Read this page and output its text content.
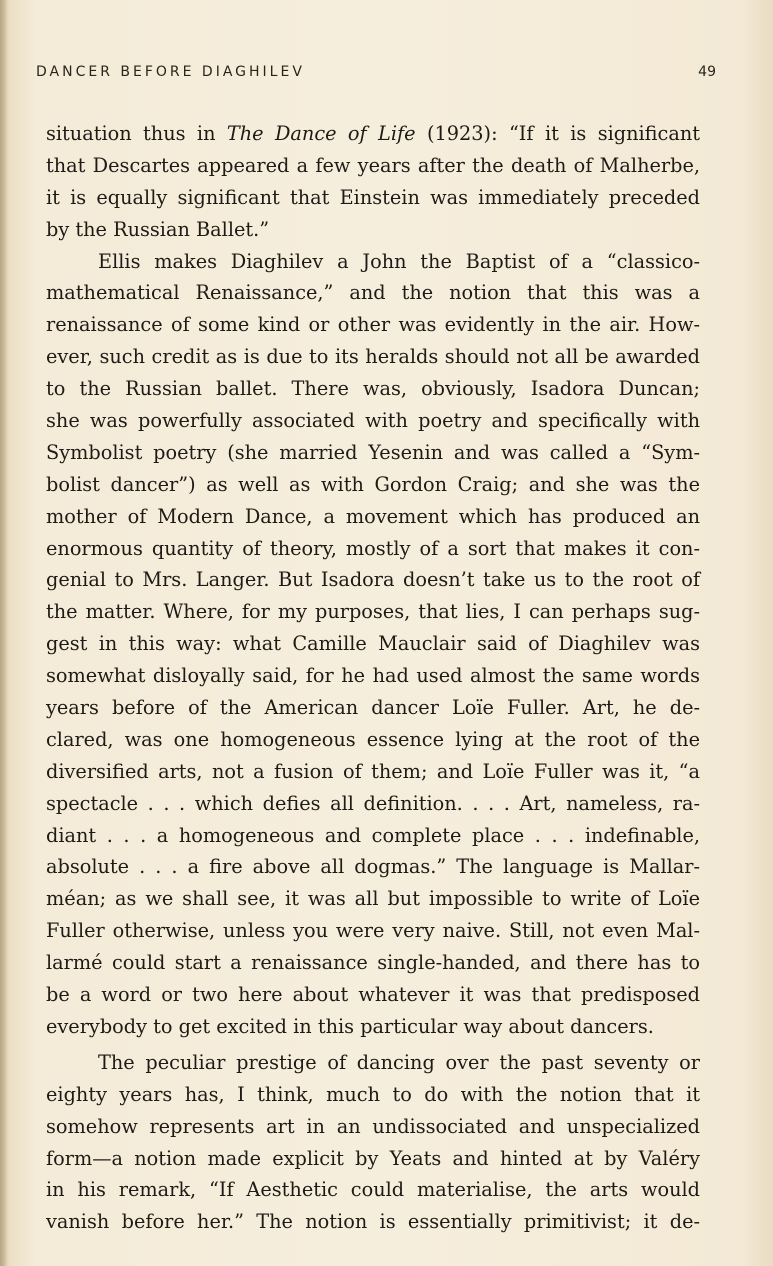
DANCER BEFORE DIAGHILEV	49
situation thus in The Dance of Life (1923): “If it is significant
that Descartes appeared a few years after the death of Malherbe,
it is equally significant that Einstein was immediately preceded
by the Russian Ballet.”
Ellis makes Diaghilev a John the Baptist of a “classico-
mathematical Renaissance,” and the notion that this was a
renaissance of some kind or other was evidently in the air. How-
ever, such credit as is due to its heralds should not all be awarded
to the Russian ballet. There was, obviously, Isadora Duncan;
she was powerfully associated with poetry and specifically with
Symbolist poetry (she married Yesenin and was called a “Sym-
bolist dancer”) as well as with Gordon Craig; and she was the
mother of Modern Dance, a movement which has produced an
enormous quantity of theory, mostly of a sort that makes it con-
genial to Mrs. Langer. But Isadora doesn’t take us to the root of
the matter. Where, for my purposes, that lies, I can perhaps sug-
gest in this way: what Camille Mauclair said of Diaghilev was
somewhat disloyally said, for he had used almost the same words
years before of the American dancer Loïe Fuller. Art, he de-
clared, was one homogeneous essence lying at the root of the
diversified arts, not a fusion of them; and Loïe Fuller was it, “a
spectacle . . . which defies all definition. . . . Art, nameless, ra-
diant . . . a homogeneous and complete place . . . indefinable,
absolute . . . a fire above all dogmas.” The language is Mallar-
méan; as we shall see, it was all but impossible to write of Loïe
Fuller otherwise, unless you were very naive. Still, not even Mal-
larmé could start a renaissance single-handed, and there has to
be a word or two here about whatever it was that predisposed
everybody to get excited in this particular way about dancers.
The peculiar prestige of dancing over the past seventy or
eighty years has, I think, much to do with the notion that it
somehow represents art in an undissociated and unspecialized
form—a notion made explicit by Yeats and hinted at by Valéry
in his remark, “If Aesthetic could materialise, the arts would
vanish before her.” The notion is essentially primitivist; it de-
